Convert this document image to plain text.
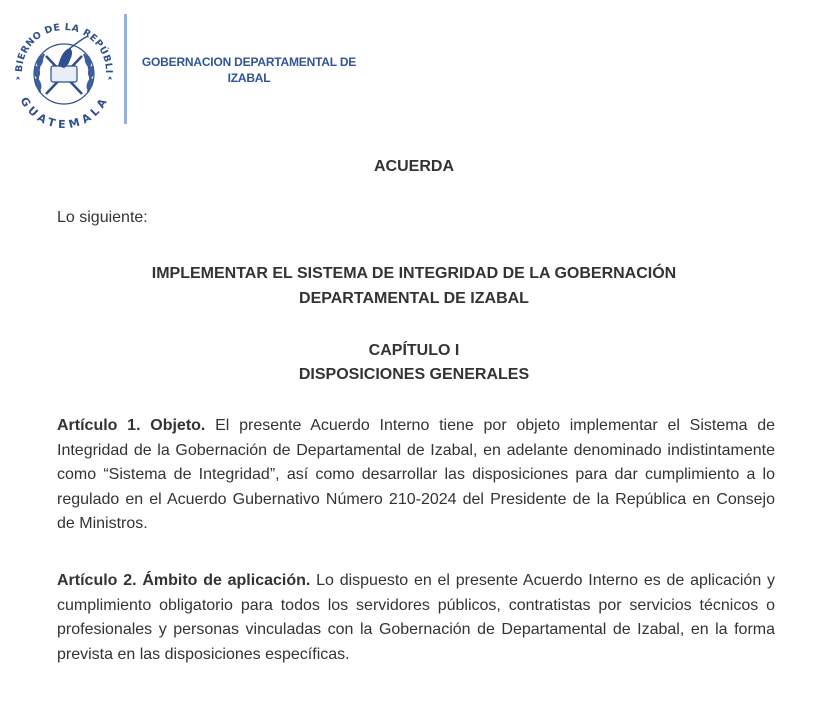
BIERNO DE LA REPÚBLI
GUATEMALA
GOBERNACION DEPARTAMENTAL DE
IZABAL
ACUERDA
Lo siguiente:
IMPLEMENTAR EL SISTEMA DE INTEGRIDAD DE LA GOBERNACIÓN
DEPARTAMENTAL DE IZABAL
CAPÍTULO I
DISPOSICIONES GENERALES
Artículo 1. Objeto. El presente Acuerdo Interno tiene por objeto implementar el Sistema de Integridad de la Gobernación de Departamental de Izabal, en adelante denominado indistintamente como “Sistema de Integridad”, así como desarrollar las disposiciones para dar cumplimiento a lo regulado en el Acuerdo Gubernativo Número 210-2024 del Presidente de la República en Consejo de Ministros.
Artículo 2. Ámbito de aplicación. Lo dispuesto en el presente Acuerdo Interno es de aplicación y cumplimiento obligatorio para todos los servidores públicos, contratistas por servicios técnicos o profesionales y personas vinculadas con la Gobernación de Departamental de Izabal, en la forma prevista en las disposiciones específicas.
